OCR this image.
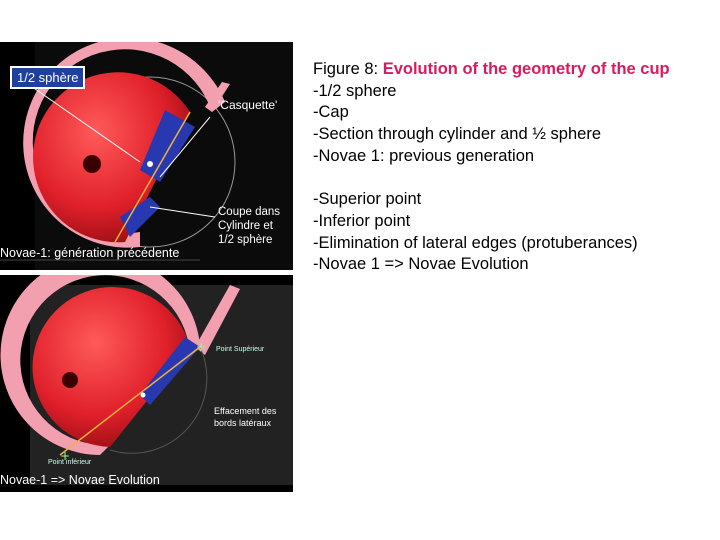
1/2 sphère
'Casquette'
Coupe dans
Cylindre et
1/2 sphère
Novae-1: génération précédente
+
+
Point Supérieur
Effacement des
bords latéraux
Point inférieur
Novae-1 => Novae Evolution
Figure 8: Evolution of the geometry of the cup
-1/2 sphere
-Cap
-Section through cylinder and ½ sphere
-Novae 1: previous generation
-Superior point
-Inferior point
-Elimination of lateral edges (protuberances)
-Novae 1 => Novae Evolution
